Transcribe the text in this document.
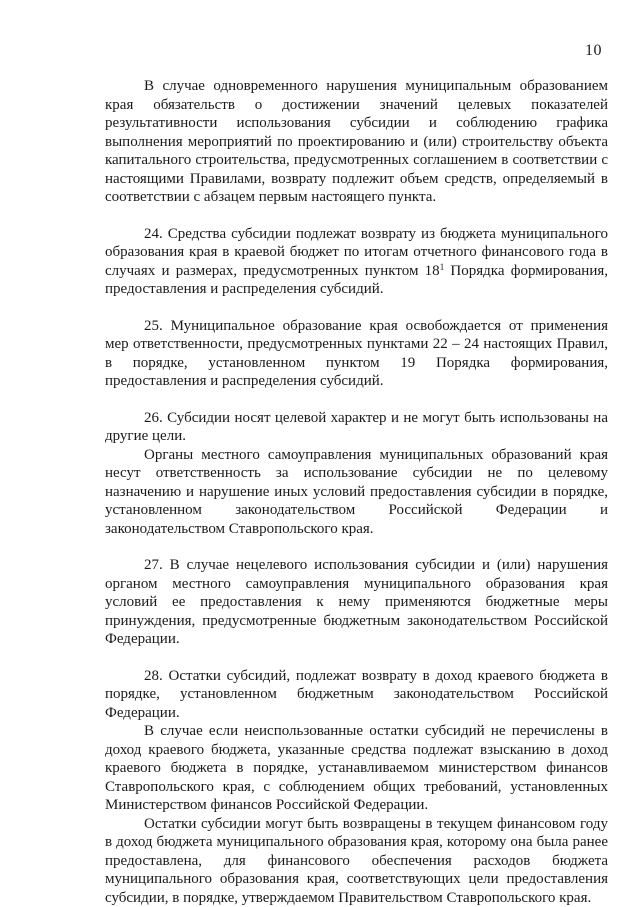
10

В случае одновременного нарушения муниципальным образованием края обязательств о достижении значений целевых показателей результативности использования субсидии и соблюдению графика выполнения мероприятий по проектированию и (или) строительству объекта капитального строительства, предусмотренных соглашением в соответствии с настоящими Правилами, возврату подлежит объем средств, определяемый в соответствии с абзацем первым настоящего пункта.

24. Средства субсидии подлежат возврату из бюджета муниципального образования края в краевой бюджет по итогам отчетного финансового года в случаях и размерах, предусмотренных пунктом $18^1$ Порядка формирования, предоставления и распределения субсидий.

25. Муниципальное образование края освобождается от применения мер ответственности, предусмотренных пунктами 22 – 24 настоящих Правил, в порядке, установленном пунктом 19 Порядка формирования, предоставления и распределения субсидий.

26. Субсидии носят целевой характер и не могут быть использованы на другие цели.

Органы местного самоуправления муниципальных образований края несут ответственность за использование субсидии не по целевому назначению и нарушение иных условий предоставления субсидии в порядке, установленном законодательством Российской Федерации и законодательством Ставропольского края.

27. В случае нецелевого использования субсидии и (или) нарушения органом местного самоуправления муниципального образования края условий ее предоставления к нему применяются бюджетные меры принуждения, предусмотренные бюджетным законодательством Российской Федерации.

28. Остатки субсидий, подлежат возврату в доход краевого бюджета в порядке, установленном бюджетным законодательством Российской Федерации.

В случае если неиспользованные остатки субсидий не перечислены в доход краевого бюджета, указанные средства подлежат взысканию в доход краевого бюджета в порядке, устанавливаемом министерством финансов Ставропольского края, с соблюдением общих требований, установленных Министерством финансов Российской Федерации.

Остатки субсидии могут быть возвращены в текущем финансовом году в доход бюджета муниципального образования края, которому она была ранее предоставлена, для финансового обеспечения расходов бюджета муниципального образования края, соответствующих цели предоставления субсидии, в порядке, утверждаемом Правительством Ставропольского края.
